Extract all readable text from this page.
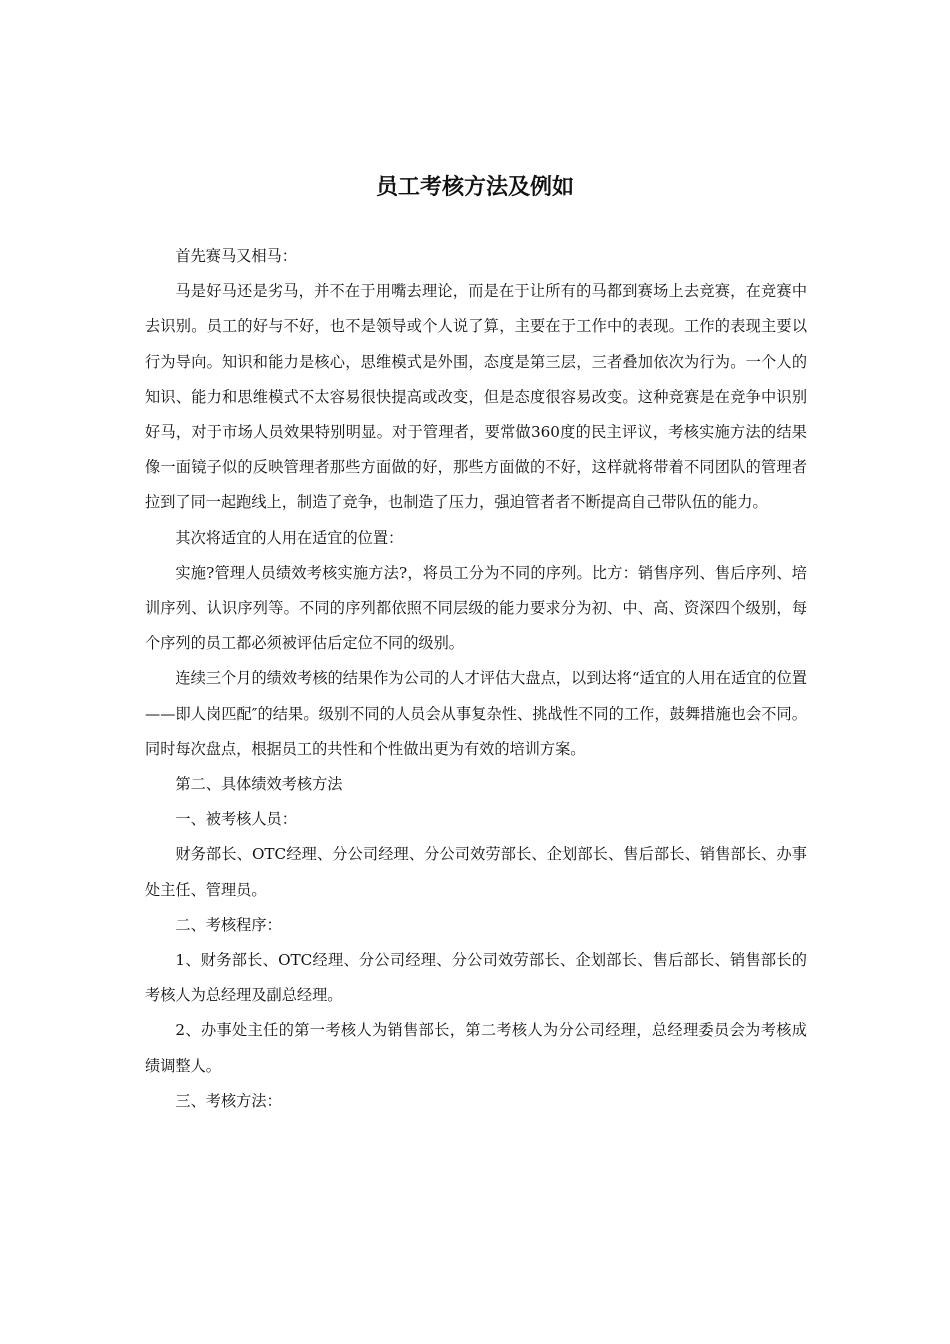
员工考核方法及例如

首先赛马又相马：

马是好马还是劣马，并不在于用嘴去理论，而是在于让所有的马都到赛场上去竞赛，在竞赛中去识别。员工的好与不好，也不是领导或个人说了算，主要在于工作中的表现。工作的表现主要以行为导向。知识和能力是核心，思维模式是外围，态度是第三层，三者叠加依次为行为。一个人的知识、能力和思维模式不太容易很快提高或改变，但是态度很容易改变。这种竞赛是在竞争中识别好马，对于市场人员效果特别明显。对于管理者，要常做360度的民主评议，考核实施方法的结果像一面镜子似的反映管理者那些方面做的好，那些方面做的不好，这样就将带着不同团队的管理者拉到了同一起跑线上，制造了竞争，也制造了压力，强迫管者者不断提高自己带队伍的能力。

其次将适宜的人用在适宜的位置：

实施?管理人员绩效考核实施方法?，将员工分为不同的序列。比方：销售序列、售后序列、培训序列、认识序列等。不同的序列都依照不同层级的能力要求分为初、中、高、资深四个级别，每个序列的员工都必须被评估后定位不同的级别。

连续三个月的绩效考核的结果作为公司的人才评估大盘点，以到达将“适宜的人用在适宜的位置——即人岗匹配″的结果。级别不同的人员会从事复杂性、挑战性不同的工作，鼓舞措施也会不同。同时每次盘点，根据员工的共性和个性做出更为有效的培训方案。

第二、具体绩效考核方法

一、被考核人员：

财务部长、OTC经理、分公司经理、分公司效劳部长、企划部长、售后部长、销售部长、办事处主任、管理员。

二、考核程序：

1、财务部长、OTC经理、分公司经理、分公司效劳部长、企划部长、售后部长、销售部长的考核人为总经理及副总经理。

2、办事处主任的第一考核人为销售部长，第二考核人为分公司经理，总经理委员会为考核成绩调整人。

三、考核方法：
